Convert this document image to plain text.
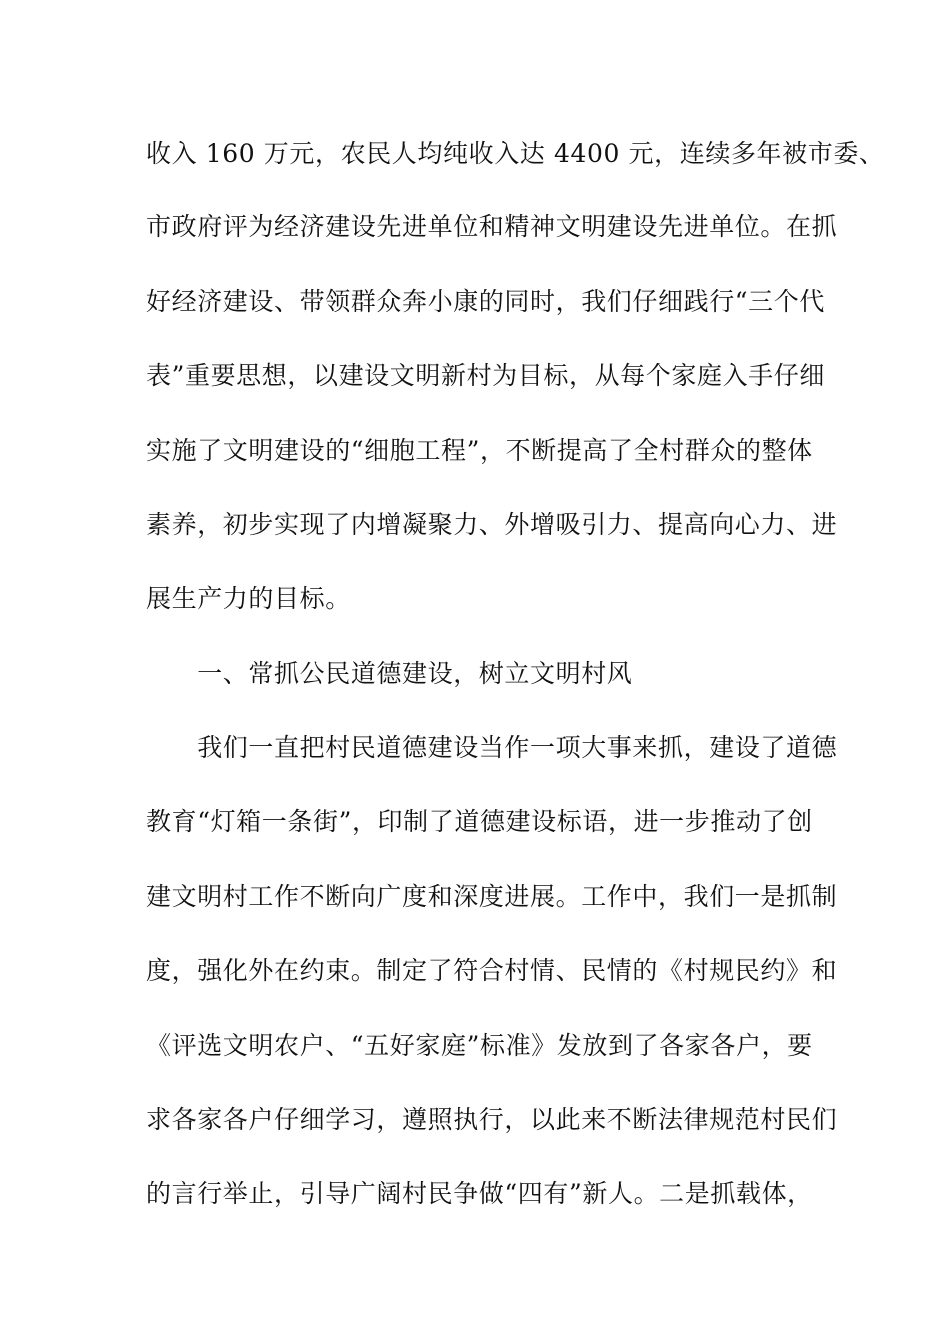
收入 160 万元，农民人均纯收入达 4400 元，连续多年被市委、
市政府评为经济建设先进单位和精神文明建设先进单位。在抓
好经济建设、带领群众奔小康的同时，我们仔细践行“三个代
表”重要思想，以建设文明新村为目标，从每个家庭入手仔细
实施了文明建设的“细胞工程”，不断提高了全村群众的整体
素养，初步实现了内增凝聚力、外增吸引力、提高向心力、进
展生产力的目标。
　　一、常抓公民道德建设，树立文明村风
　　我们一直把村民道德建设当作一项大事来抓，建设了道德
教育“灯箱一条街”，印制了道德建设标语，进一步推动了创
建文明村工作不断向广度和深度进展。工作中，我们一是抓制
度，强化外在约束。制定了符合村情、民情的《村规民约》和
《评选文明农户、“五好家庭”标准》发放到了各家各户，要
求各家各户仔细学习，遵照执行，以此来不断法律规范村民们
的言行举止，引导广阔村民争做“四有”新人。二是抓载体，
